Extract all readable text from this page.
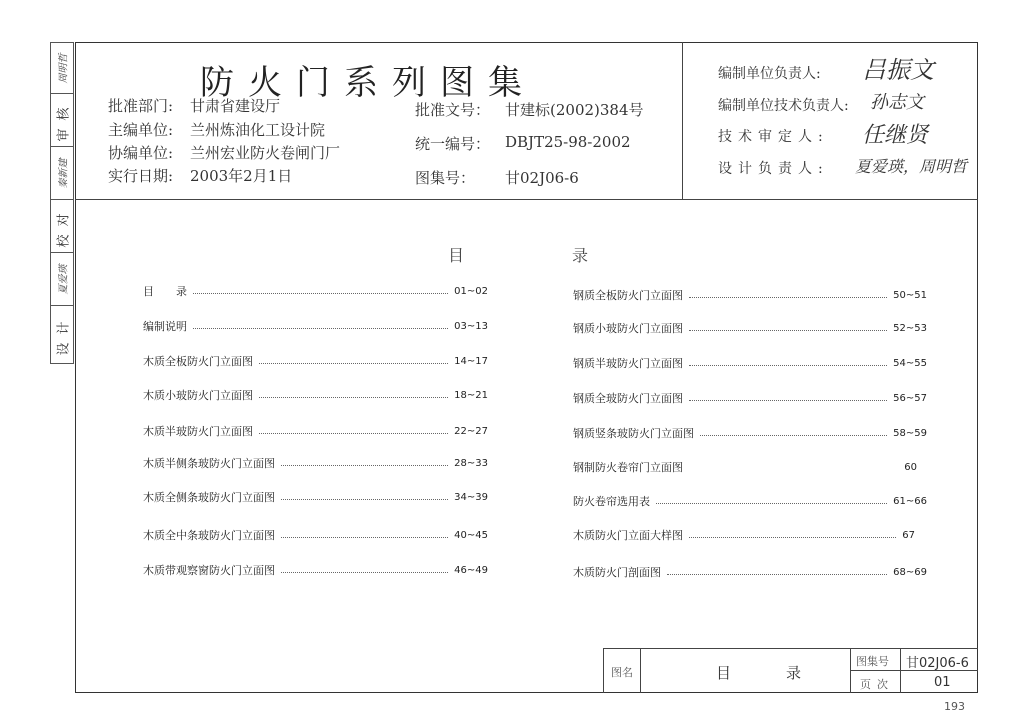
周明哲
审核
秦新建
校对
夏爱瑛
设计
防火门系列图集
批准部门: 甘肃省建设厅
主编单位: 兰州炼油化工设计院
协编单位: 兰州宏业防火卷闸门厂
实行日期: 2003年2月1日
批准文号： 甘建标(2002)384号
统一编号： DBJT25-98-2002
图集号： 甘02J06-6
编制单位负责人: 吕振文
编制单位技术负责人: 孙志文
技术审定人: 任继贤
设计负责人: 夏爱瑛，周明哲
目	录
目　　录	01~02
编制说明	03~13
木质全板防火门立面图	14~17
木质小玻防火门立面图	18~21
木质半玻防火门立面图	22~27
木质半侧条玻防火门立面图	28~33
木质全侧条玻防火门立面图	34~39
木质全中条玻防火门立面图	40~45
木质带观察窗防火门立面图	46~49
钢质全板防火门立面图	50~51
钢质小玻防火门立面图	52~53
钢质半玻防火门立面图	54~55
钢质全玻防火门立面图	56~57
钢质竖条玻防火门立面图	58~59
钢制防火卷帘门立面图	60
防火卷帘选用表	61~66
木质防火门立面大样图	67
木质防火门剖面图	68~69
图名	目　录
图集号 甘02J06-6
页次	01
193
